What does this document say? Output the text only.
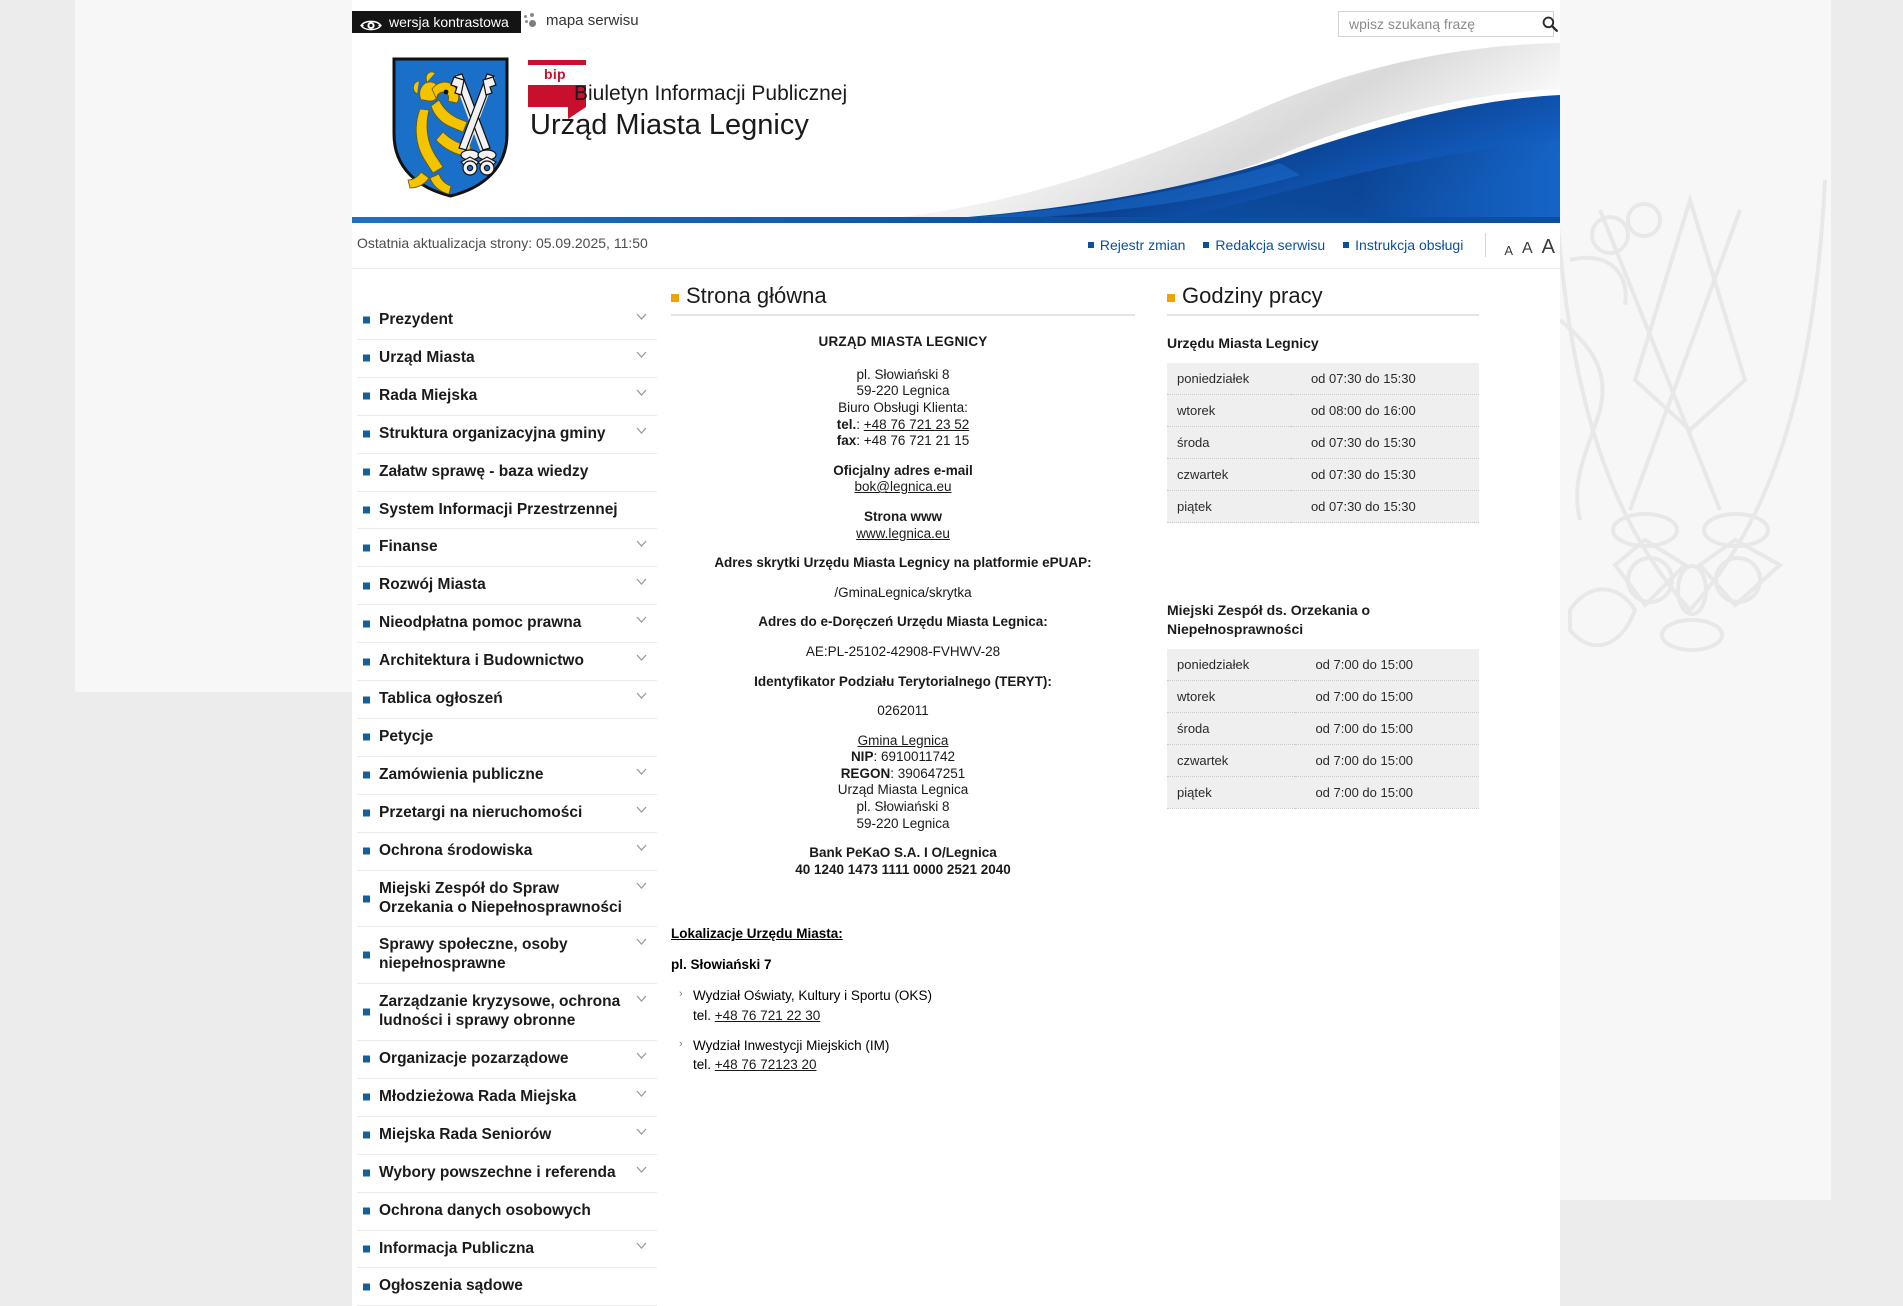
wersja kontrastowa mapa serwisu
wpisz szukaną frazę
bip
Biuletyn Informacji Publicznej
Urząd Miasta Legnicy
Ostatnia aktualizacja strony: 05.09.2025, 11:50	Rejestr zmian Redakcja serwisu Instrukcja obsługi	A A A
Prezydent
Urząd Miasta
Rada Miejska
Struktura organizacyjna gminy
Załatw sprawę - baza wiedzy
System Informacji Przestrzennej
Finanse
Rozwój Miasta
Nieodpłatna pomoc prawna
Architektura i Budownictwo
Tablica ogłoszeń
Petycje
Zamówienia publiczne
Przetargi na nieruchomości
Ochrona środowiska
Miejski Zespół do Spraw Orzekania o Niepełnosprawności
Sprawy społeczne, osoby niepełnosprawne
Zarządzanie kryzysowe, ochrona ludności i sprawy obronne
Organizacje pozarządowe
Młodzieżowa Rada Miejska
Miejska Rada Seniorów
Wybory powszechne i referenda
Ochrona danych osobowych
Informacja Publiczna
Ogłoszenia sądowe
Strona główna

URZĄD MIASTA LEGNICY

pl. Słowiański 8

59-220 Legnica

Biuro Obsługi Klienta:

tel.: +48 76 721 23 52

fax: +48 76 721 21 15

Oficjalny adres e-mail

bok@legnica.eu

Strona www

www.legnica.eu

Adres skrytki Urzędu Miasta Legnicy na platformie ePUAP:

/GminaLegnica/skrytka

Adres do e-Doręczeń Urzędu Miasta Legnica:

AE:PL-25102-42908-FVHWV-28

Identyfikator Podziału Terytorialnego (TERYT):

0262011

Gmina Legnica

NIP: 6910011742

REGON: 390647251

Urząd Miasta Legnica

pl. Słowiański 8

59-220 Legnica

Bank PeKaO S.A. I O/Legnica

40 1240 1473 1111 0000 2521 2040

Lokalizacje Urzędu Miasta:

pl. Słowiański 7

› Wydział Oświaty, Kultury i Sportu (OKS)
tel. +48 76 721 22 30
› Wydział Inwestycji Miejskich (IM)
tel. +48 76 72123 20
Godziny pracy

Urzędu Miasta Legnicy

poniedziałek	od 07:30 do 15:30
wtorek	od 08:00 do 16:00
środa	od 07:30 do 15:30
czwartek	od 07:30 do 15:30
piątek	od 07:30 do 15:30

Miejski Zespół ds. Orzekania o Niepełnosprawności

poniedziałek	od 7:00 do 15:00
wtorek	od 7:00 do 15:00
środa	od 7:00 do 15:00
czwartek	od 7:00 do 15:00
piątek	od 7:00 do 15:00
